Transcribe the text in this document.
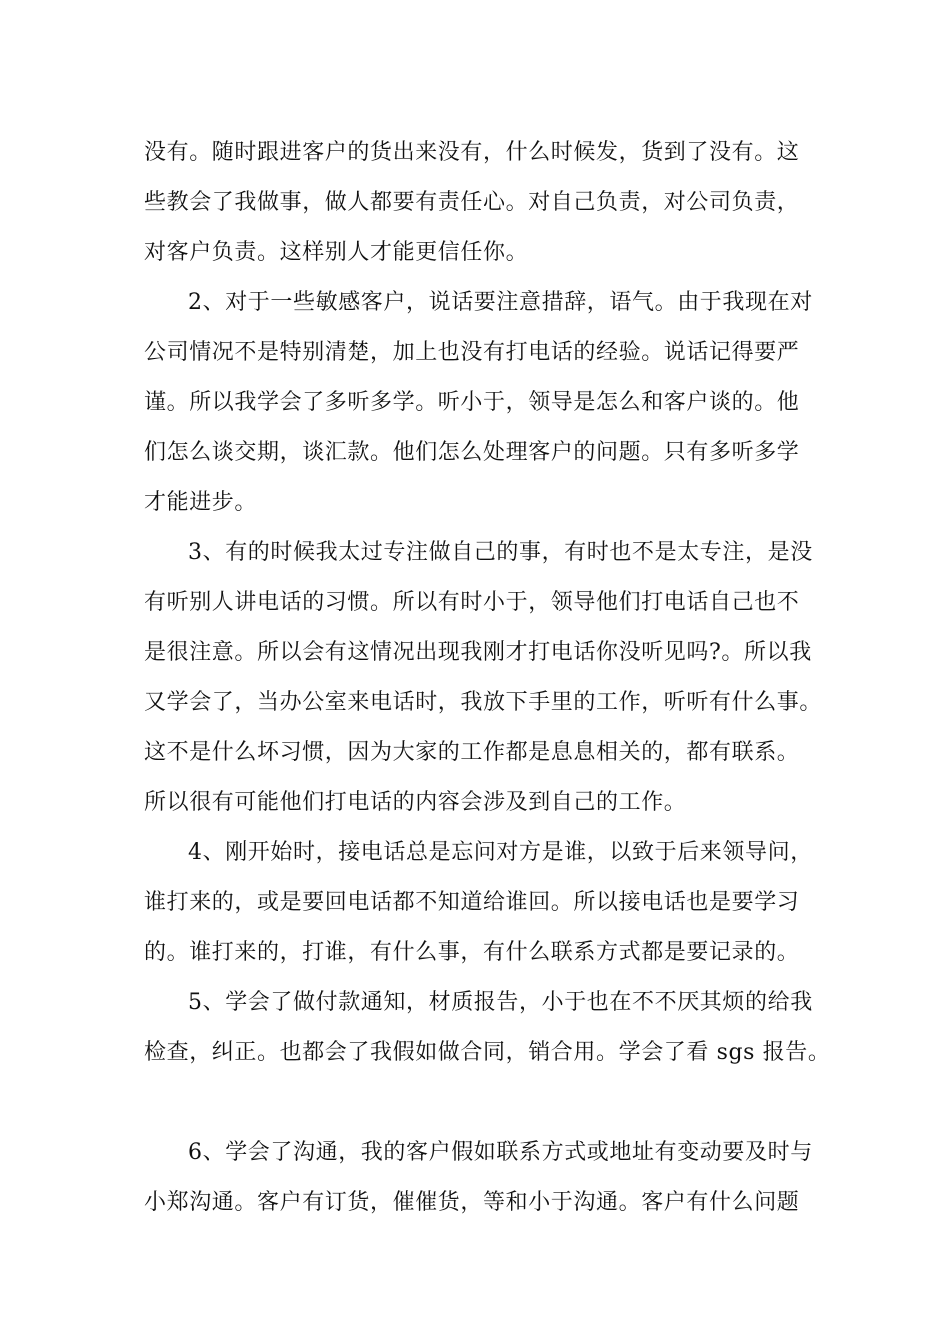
没有。随时跟进客户的货出来没有，什么时候发，货到了没有。这
些教会了我做事，做人都要有责任心。对自己负责，对公司负责，
对客户负责。这样别人才能更信任你。
2、对于一些敏感客户，说话要注意措辞，语气。由于我现在对
公司情况不是特别清楚，加上也没有打电话的经验。说话记得要严
谨。所以我学会了多听多学。听小于，领导是怎么和客户谈的。他
们怎么谈交期，谈汇款。他们怎么处理客户的问题。只有多听多学
才能进步。
3、有的时候我太过专注做自己的事，有时也不是太专注，是没
有听别人讲电话的习惯。所以有时小于，领导他们打电话自己也不
是很注意。所以会有这情况出现我刚才打电话你没听见吗?。所以我
又学会了，当办公室来电话时，我放下手里的工作，听听有什么事。
这不是什么坏习惯，因为大家的工作都是息息相关的，都有联系。
所以很有可能他们打电话的内容会涉及到自己的工作。
4、刚开始时，接电话总是忘问对方是谁，以致于后来领导问，
谁打来的，或是要回电话都不知道给谁回。所以接电话也是要学习
的。谁打来的，打谁，有什么事，有什么联系方式都是要记录的。
5、学会了做付款通知，材质报告，小于也在不不厌其烦的给我
检查，纠正。也都会了我假如做合同，销合用。学会了看 sgs 报告。
6、学会了沟通，我的客户假如联系方式或地址有变动要及时与
小郑沟通。客户有订货，催催货，等和小于沟通。客户有什么问题
